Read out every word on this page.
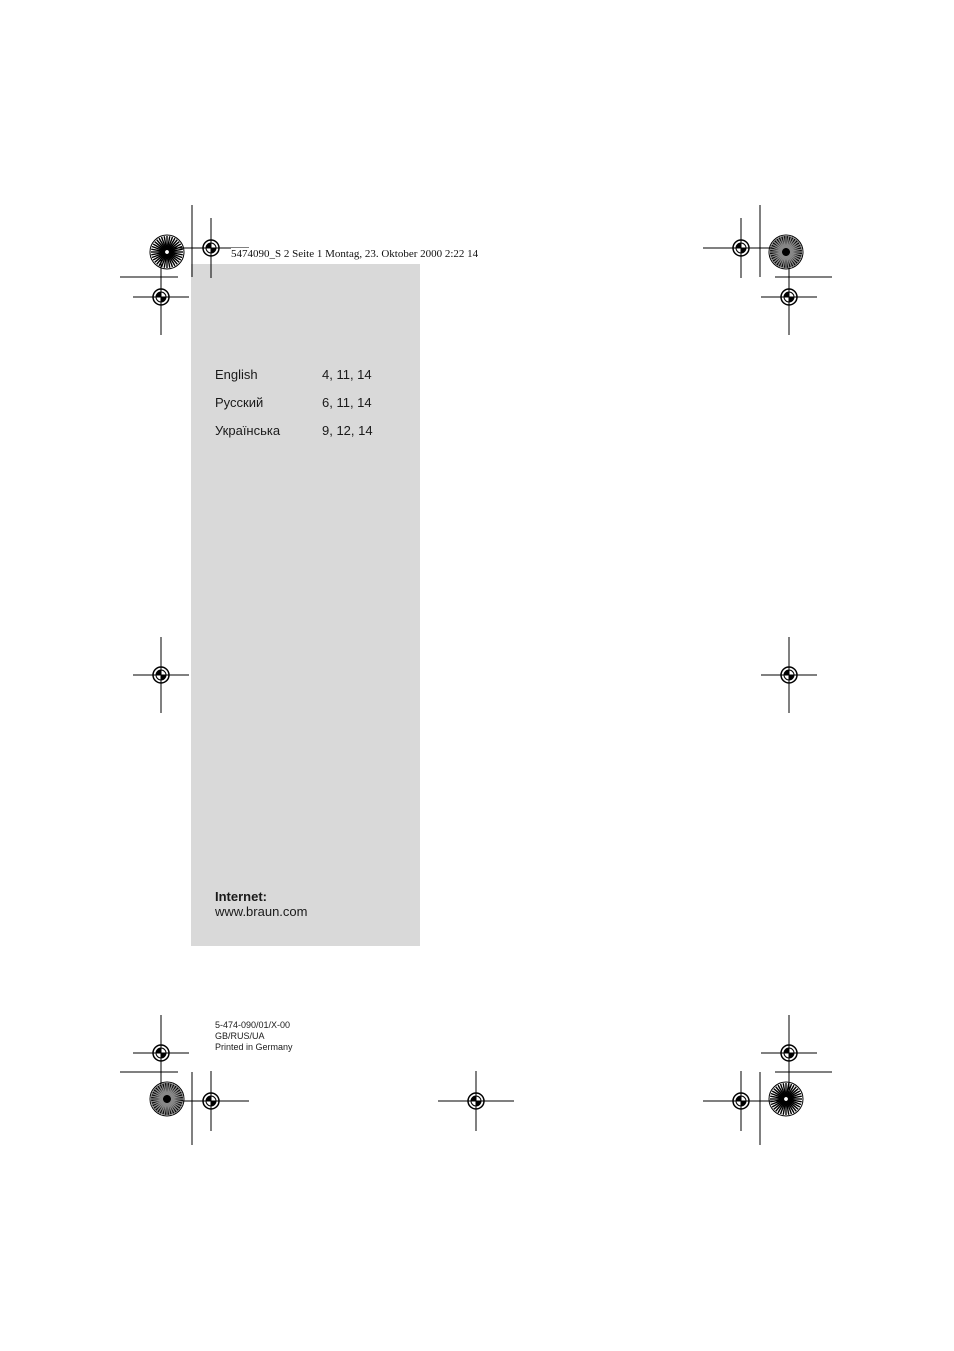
5474090_S 2 Seite 1 Montag, 23. Oktober 2000 2:22 14
English	4, 11, 14
Русский	6, 11, 14
Українська	9, 12, 14
Internet:
www.braun.com
5-474-090/01/X-00
GB/RUS/UA
Printed in Germany
